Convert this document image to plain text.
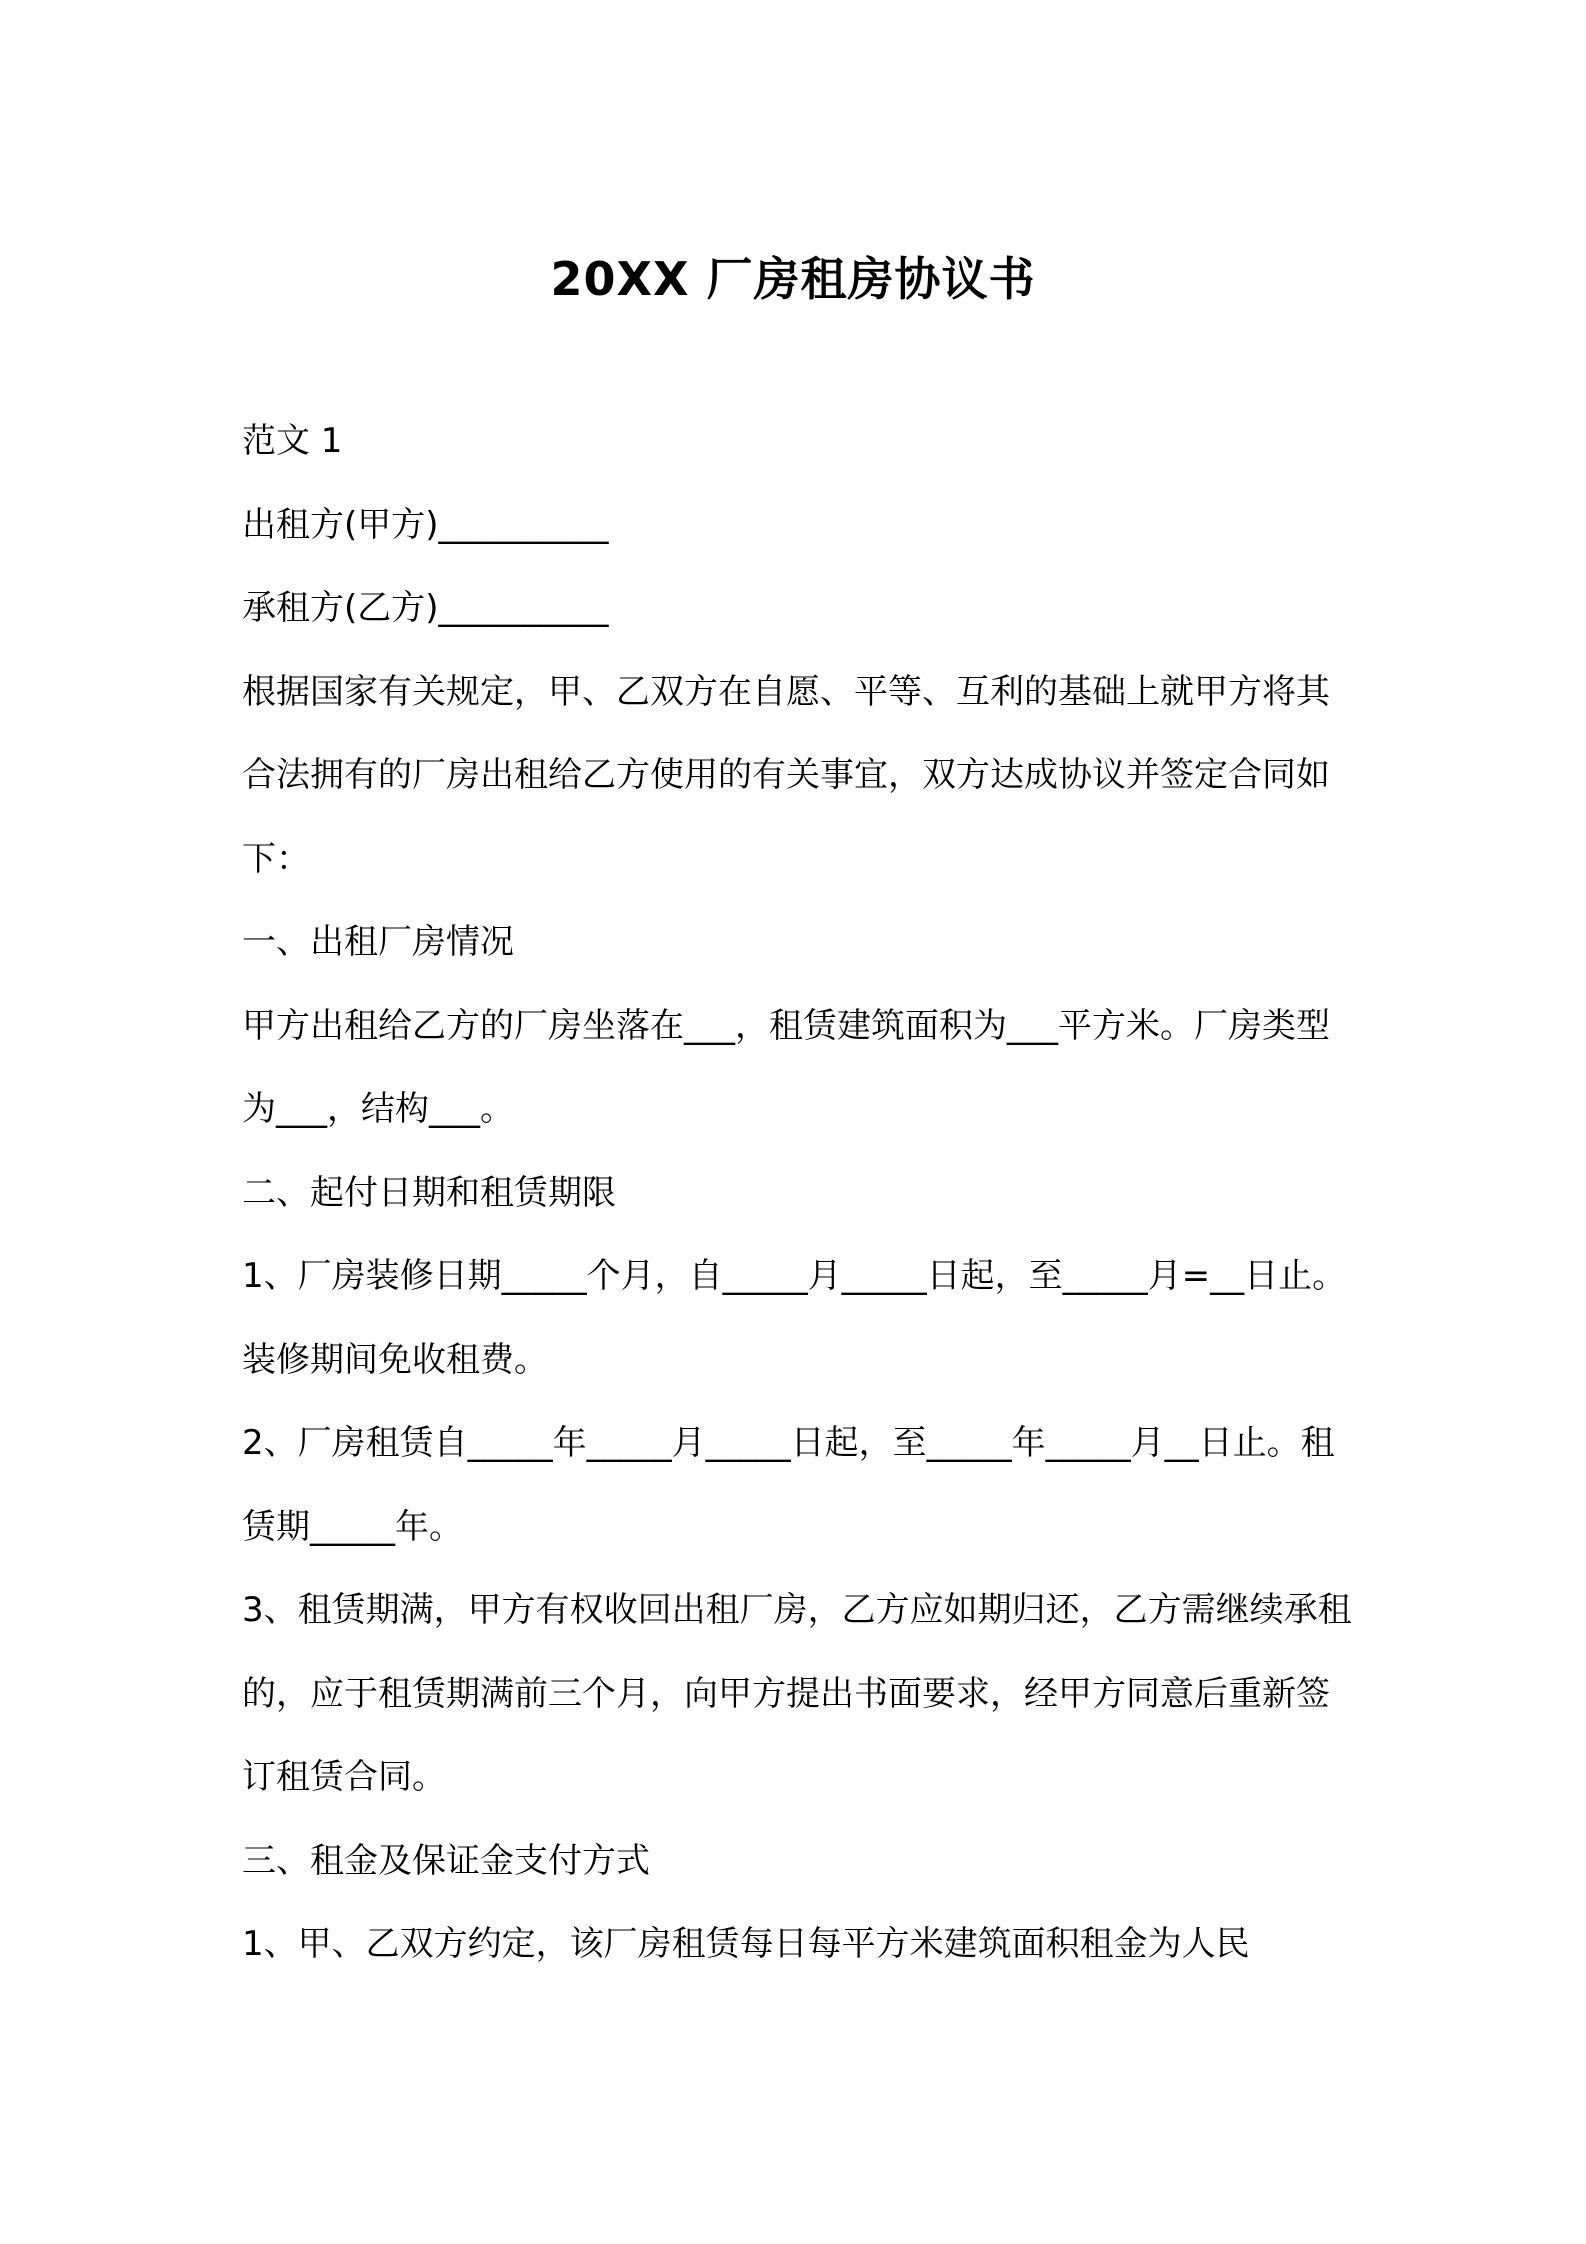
20XX 厂房租房协议书

范文 1

出租方(甲方)__________

承租方(乙方)__________

根据国家有关规定，甲、乙双方在自愿、平等、互利的基础上就甲方将其合法拥有的厂房出租给乙方使用的有关事宜，双方达成协议并签定合同如下：

一、出租厂房情况

甲方出租给乙方的厂房坐落在___，租赁建筑面积为___平方米。厂房类型为___，结构___。

二、起付日期和租赁期限

1、厂房装修日期_____个月，自_____月_____日起，至_____月=__日止。装修期间免收租费。

2、厂房租赁自_____年_____月_____日起，至_____年_____月__日止。租赁期_____年。

3、租赁期满，甲方有权收回出租厂房，乙方应如期归还，乙方需继续承租的，应于租赁期满前三个月，向甲方提出书面要求，经甲方同意后重新签订租赁合同。

三、租金及保证金支付方式

1、甲、乙双方约定，该厂房租赁每日每平方米建筑面积租金为人民
